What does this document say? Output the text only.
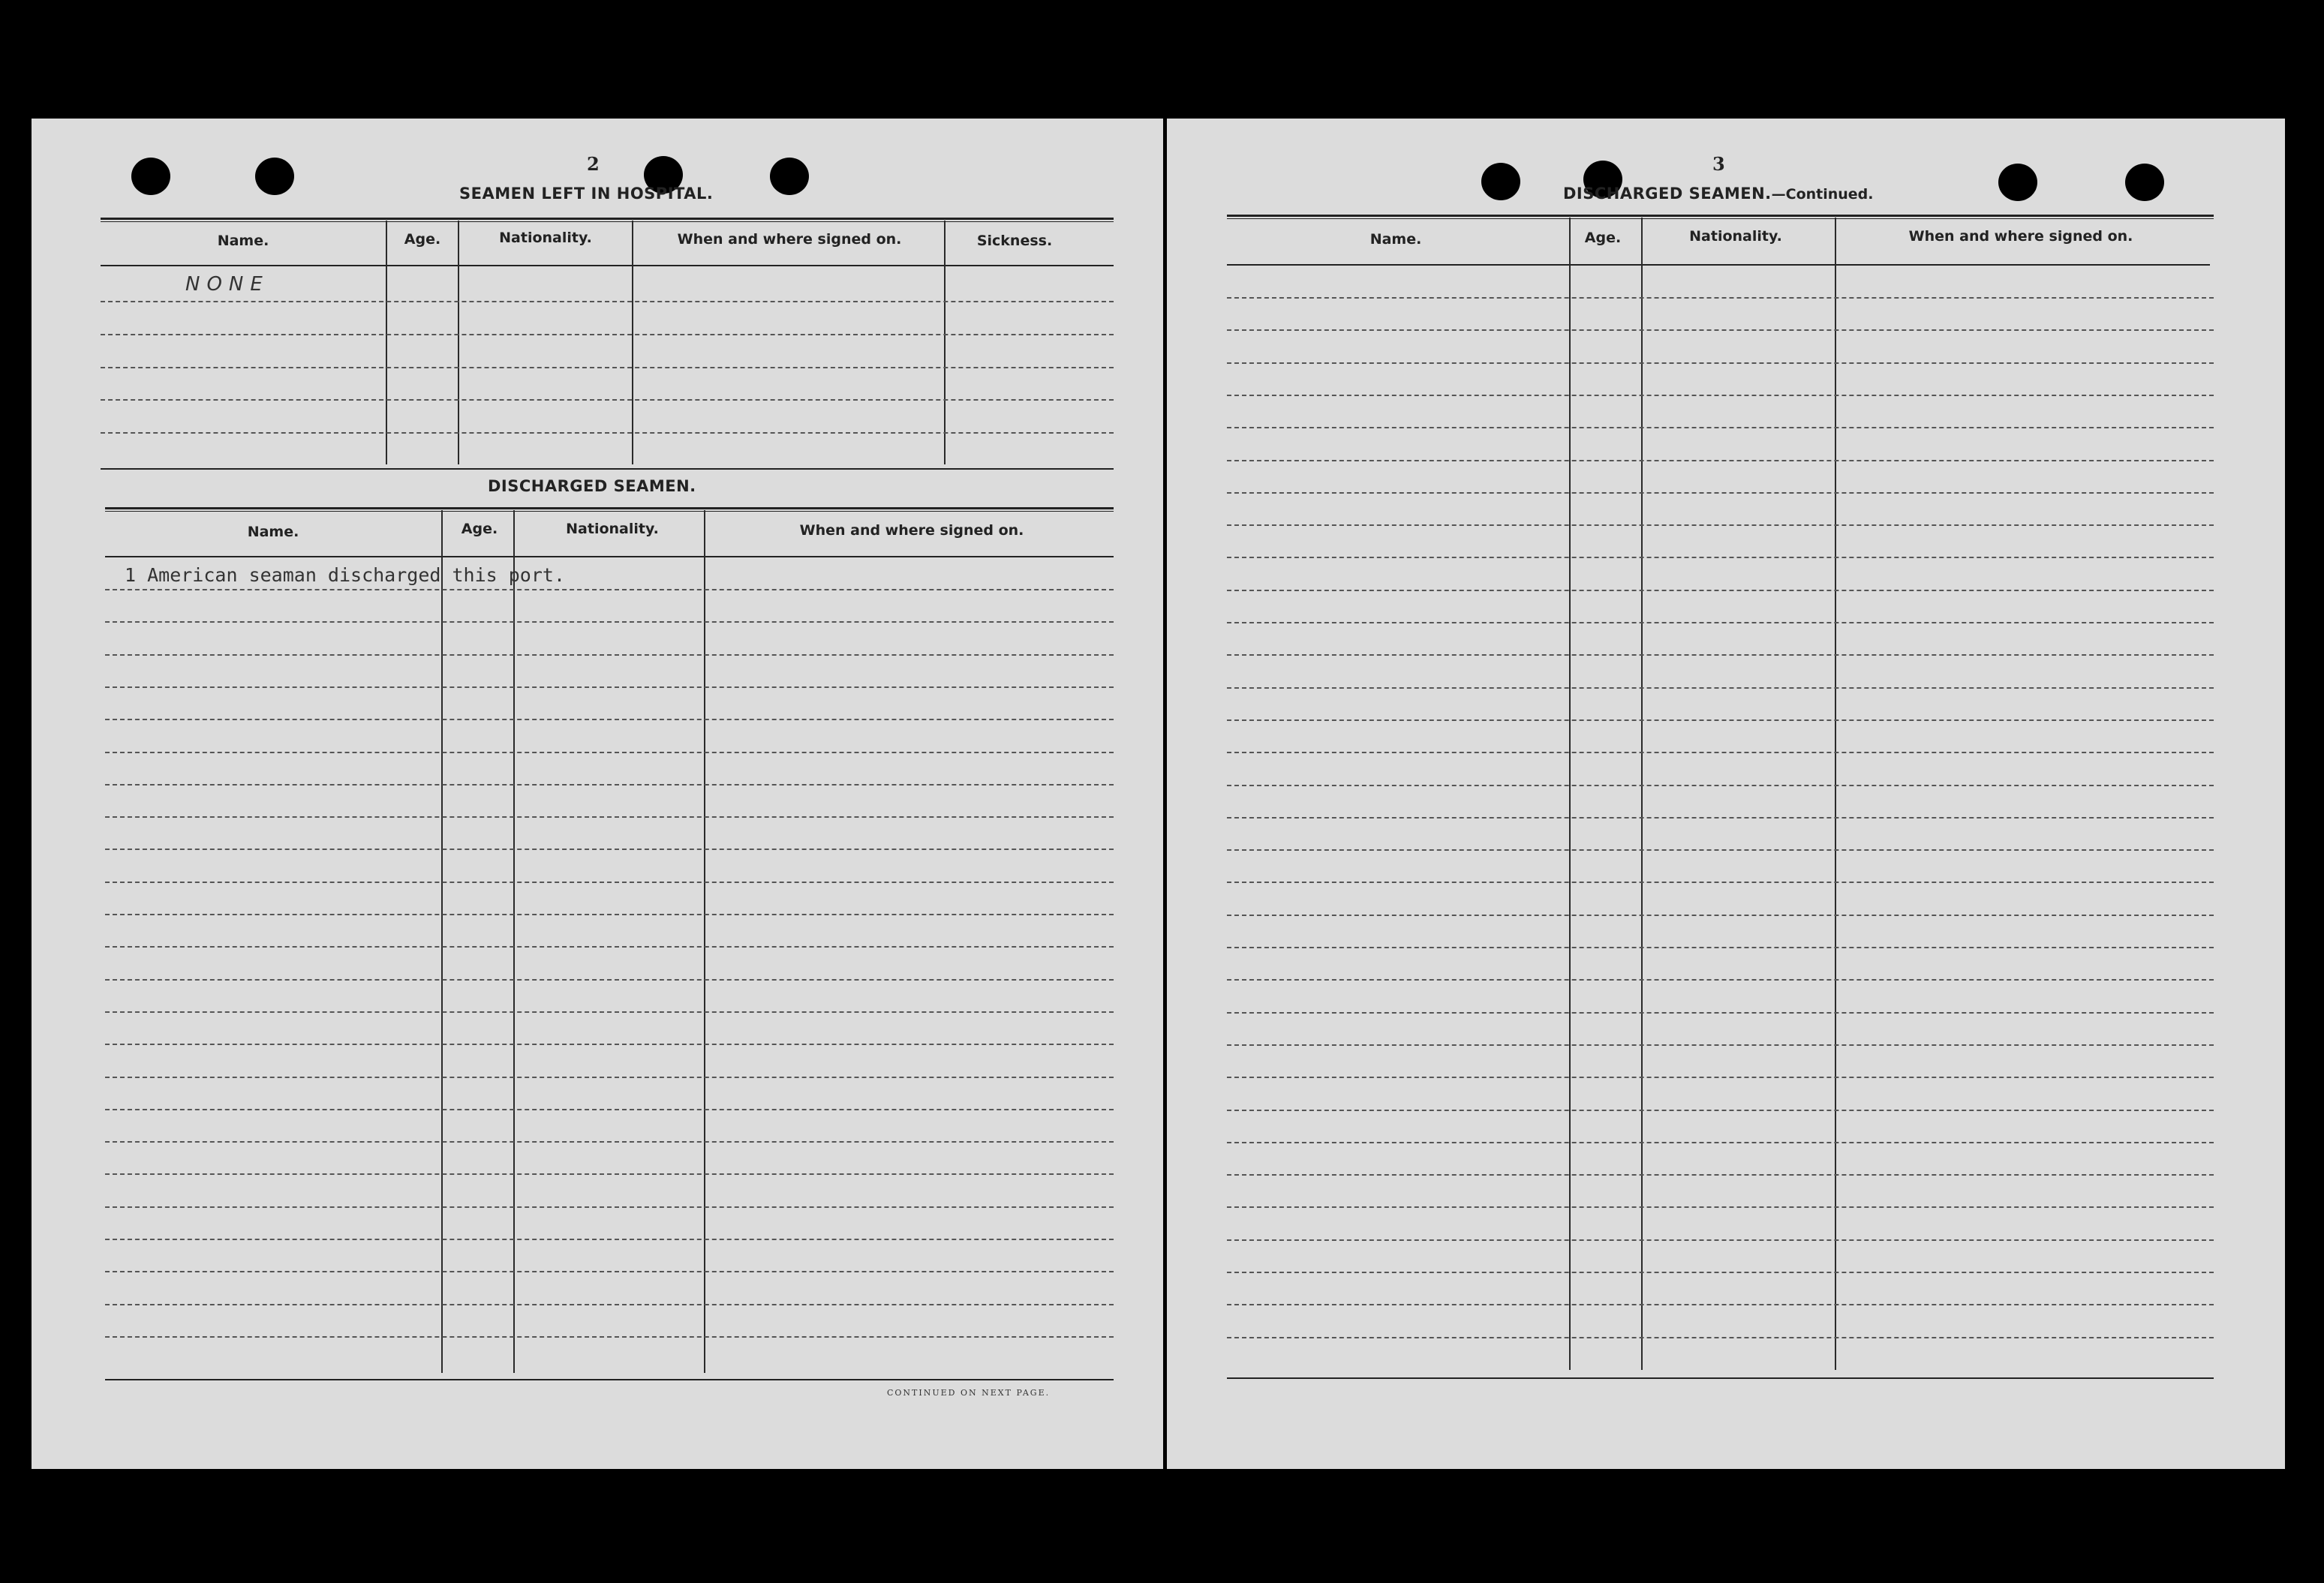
2
SEAMEN LEFT IN HOSPITAL.
Name.	Age.	Nationality.	When and where signed on.	Sickness.
NONE
DISCHARGED SEAMEN.
Name.	Age.	Nationality.	When and where signed on.
1 American seaman discharged this port.
CONTINUED ON NEXT PAGE.
3
DISCHARGED SEAMEN.—Continued.
Name.	Age.	Nationality.	When and where signed on.
